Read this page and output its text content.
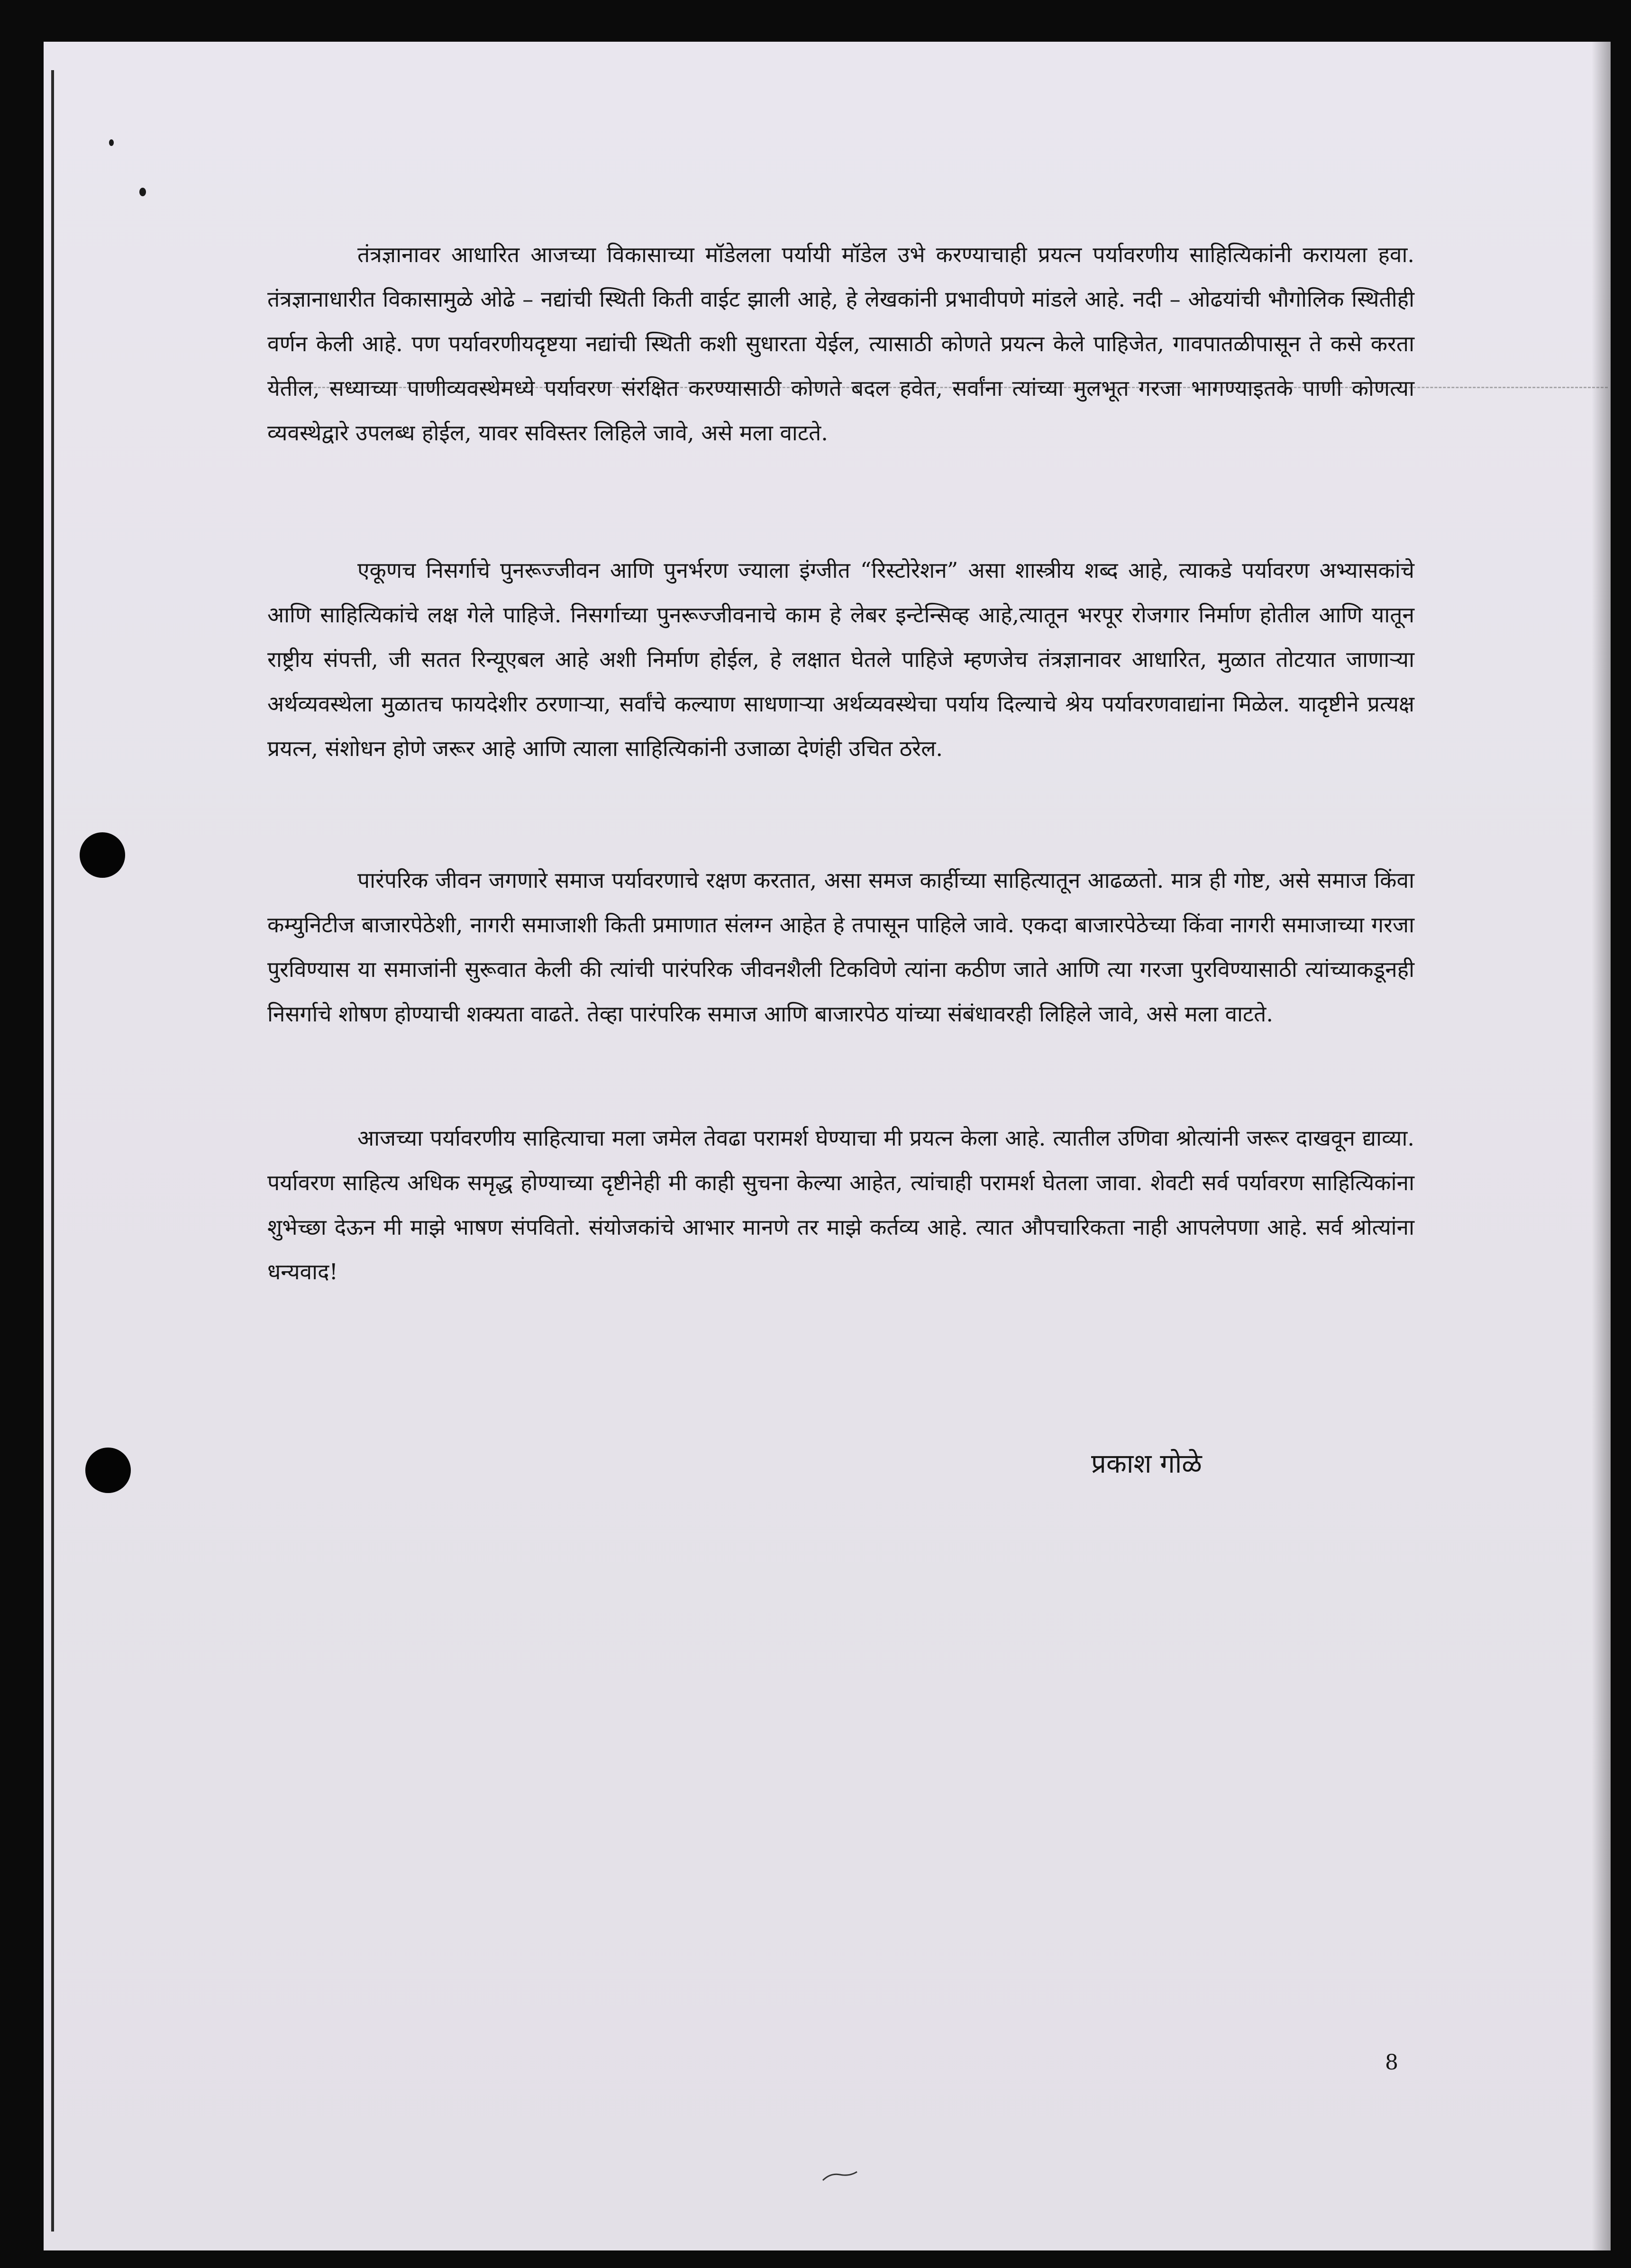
तंत्रज्ञानावर आधारित आजच्या विकासाच्या मॉडेलला पर्यायी मॉडेल उभे करण्याचाही प्रयत्न पर्यावरणीय साहित्यिकांनी करायला हवा. तंत्रज्ञानाधारीत विकासामुळे ओढे – नद्यांची स्थिती किती वाईट झाली आहे, हे लेखकांनी प्रभावीपणे मांडले आहे. नदी – ओढयांची भौगोलिक स्थितीही वर्णन केली आहे. पण पर्यावरणीयदृष्टया नद्यांची स्थिती कशी सुधारता येईल, त्यासाठी कोणते प्रयत्न केले पाहिजेत, गावपातळीपासून ते कसे करता येतील, सध्याच्या पाणीव्यवस्थेमध्ये पर्यावरण संरक्षित करण्यासाठी कोणते बदल हवेत, सर्वांना त्यांच्या मुलभूत गरजा भागण्याइतके पाणी कोणत्या व्यवस्थेद्वारे उपलब्ध होईल, यावर सविस्तर लिहिले जावे, असे मला वाटते.

एकूणच निसर्गाचे पुनरूज्जीवन आणि पुनर्भरण ज्याला इंग्जीत “रिस्टोरेशन” असा शास्त्रीय शब्द आहे, त्याकडे पर्यावरण अभ्यासकांचे आणि साहित्यिकांचे लक्ष गेले पाहिजे. निसर्गाच्या पुनरूज्जीवनाचे काम हे लेबर इन्टेन्सिव्ह आहे,त्यातून भरपूर रोजगार निर्माण होतील आणि यातून राष्ट्रीय संपत्ती, जी सतत रिन्यूएबल आहे अशी निर्माण होईल, हे लक्षात घेतले पाहिजे म्हणजेच तंत्रज्ञानावर आधारित, मुळात तोटयात जाणाऱ्या अर्थव्यवस्थेला मुळातच फायदेशीर ठरणाऱ्या, सर्वांचे कल्याण साधणाऱ्या अर्थव्यवस्थेचा पर्याय दिल्याचे श्रेय पर्यावरणवाद्यांना मिळेल. यादृष्टीने प्रत्यक्ष प्रयत्न, संशोधन होणे जरूर आहे आणि त्याला साहित्यिकांनी उजाळा देणंही उचित ठरेल.

पारंपरिक जीवन जगणारे समाज पर्यावरणाचे रक्षण करतात, असा समज कार्हीच्या साहित्यातून आढळतो. मात्र ही गोष्ट, असे समाज किंवा कम्युनिटीज बाजारपेठेशी, नागरी समाजाशी किती प्रमाणात संलग्न आहेत हे तपासून पाहिले जावे. एकदा बाजारपेठेच्या किंवा नागरी समाजाच्या गरजा पुरविण्यास या समाजांनी सुरूवात केली की त्यांची पारंपरिक जीवनशैली टिकविणे त्यांना कठीण जाते आणि त्या गरजा पुरविण्यासाठी त्यांच्याकडूनही निसर्गाचे शोषण होण्याची शक्यता वाढते. तेव्हा पारंपरिक समाज आणि बाजारपेठ यांच्या संबंधावरही लिहिले जावे, असे मला वाटते.

आजच्या पर्यावरणीय साहित्याचा मला जमेल तेवढा परामर्श घेण्याचा मी प्रयत्न केला आहे. त्यातील उणिवा श्रोत्यांनी जरूर दाखवून द्याव्या. पर्यावरण साहित्य अधिक समृद्ध होण्याच्या दृष्टीनेही मी काही सुचना केल्या आहेत, त्यांचाही परामर्श घेतला जावा. शेवटी सर्व पर्यावरण साहित्यिकांना शुभेच्छा देऊन मी माझे भाषण संपवितो. संयोजकांचे आभार मानणे तर माझे कर्तव्य आहे. त्यात औपचारिकता नाही आपलेपणा आहे. सर्व श्रोत्यांना धन्यवाद!

प्रकाश गोळे
8
